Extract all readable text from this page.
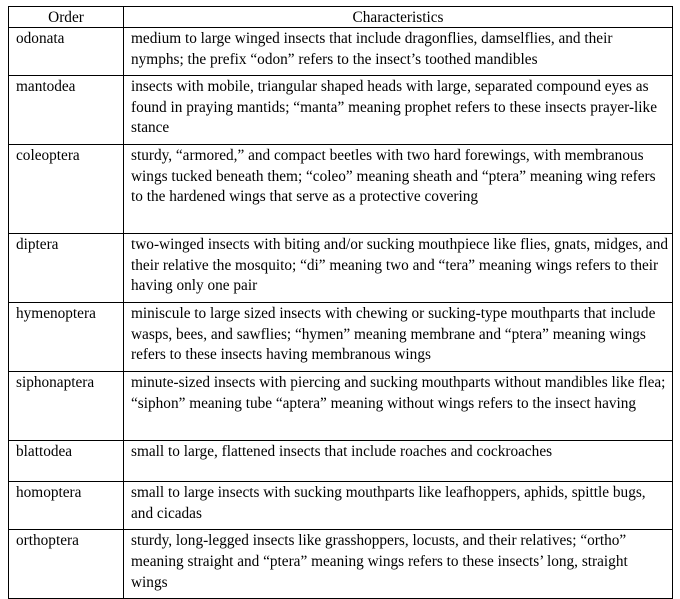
Order	Characteristics
odonata	medium to large winged insects that include dragonflies, damselflies, and their nymphs; the prefix “odon” refers to the insect’s toothed mandibles
mantodea	insects with mobile, triangular shaped heads with large, separated compound eyes as found in praying mantids; “manta” meaning prophet refers to these insects prayer-like stance
coleoptera	sturdy, “armored,” and compact beetles with two hard forewings, with membranous wings tucked beneath them; “coleo” meaning sheath and “ptera” meaning wing refers to the hardened wings that serve as a protective covering
diptera	two-winged insects with biting and/or sucking mouthpiece like flies, gnats, midges, and their relative the mosquito; “di” meaning two and “tera” meaning wings refers to their having only one pair
hymenoptera	miniscule to large sized insects with chewing or sucking-type mouthparts that include wasps, bees, and sawflies; “hymen” meaning membrane and “ptera” meaning wings refers to these insects having membranous wings
siphonaptera	minute-sized insects with piercing and sucking mouthparts without mandibles like flea; “siphon” meaning tube “aptera” meaning without wings refers to the insect having
blattodea	small to large, flattened insects that include roaches and cockroaches
homoptera	small to large insects with sucking mouthparts like leafhoppers, aphids, spittle bugs, and cicadas
orthoptera	sturdy, long-legged insects like grasshoppers, locusts, and their relatives; “ortho” meaning straight and “ptera” meaning wings refers to these insects’ long, straight wings
